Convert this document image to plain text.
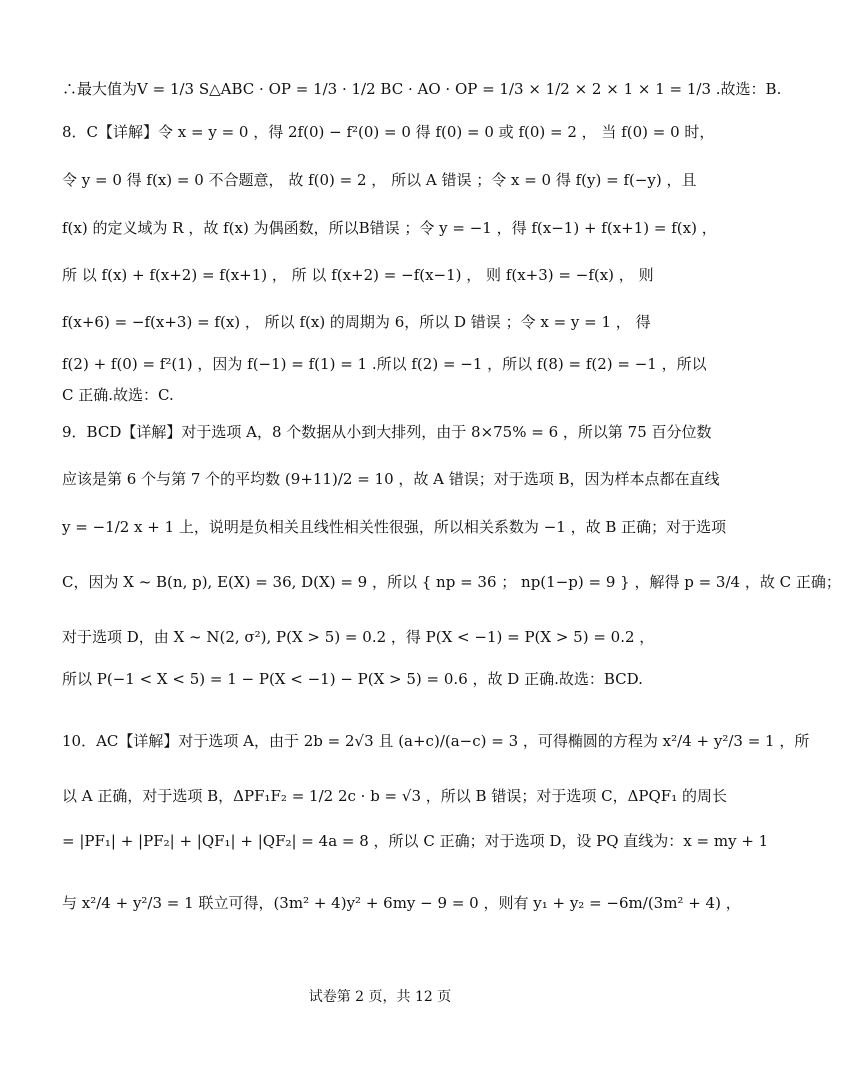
∴最大值为V = 1/3 S△ABC · OP = 1/3 · 1/2 BC · AO · OP = 1/3 × 1/2 × 2 × 1 × 1 = 1/3 .故选：B.
8．C【详解】令 x = y = 0 ，得 2f(0) − f²(0) = 0 得 f(0) = 0 或 f(0) = 2 ， 当 f(0) = 0 时，
令 y = 0 得 f(x) = 0 不合题意， 故 f(0) = 2 ， 所以 A 错误 ；令 x = 0 得 f(y) = f(−y) ，且
f(x) 的定义域为 R ，故 f(x) 为偶函数，所以B错误 ；令 y = −1 ，得 f(x−1) + f(x+1) = f(x) ，
所 以 f(x) + f(x+2) = f(x+1) ， 所 以 f(x+2) = −f(x−1) ， 则 f(x+3) = −f(x) ， 则
f(x+6) = −f(x+3) = f(x) ， 所以 f(x) 的周期为 6，所以 D 错误 ；令 x = y = 1 ， 得
f(2) + f(0) = f²(1) ，因为 f(−1) = f(1) = 1 .所以 f(2) = −1 ，所以 f(8) = f(2) = −1 ，所以
C 正确.故选：C.
9．BCD【详解】对于选项 A，8 个数据从小到大排列，由于 8×75% = 6 ，所以第 75 百分位数
应该是第 6 个与第 7 个的平均数 (9+11)/2 = 10 ，故 A 错误；对于选项 B，因为样本点都在直线
y = −1/2 x + 1 上，说明是负相关且线性相关性很强，所以相关系数为 −1 ，故 B 正确；对于选项
C，因为 X ~ B(n, p), E(X) = 36, D(X) = 9 ，所以 { np = 36 ； np(1−p) = 9 } ，解得 p = 3/4 ，故 C 正确；
对于选项 D，由 X ~ N(2, σ²), P(X > 5) = 0.2 ，得 P(X < −1) = P(X > 5) = 0.2 ，
所以 P(−1 < X < 5) = 1 − P(X < −1) − P(X > 5) = 0.6 ，故 D 正确.故选：BCD.
10．AC【详解】对于选项 A，由于 2b = 2√3 且 (a+c)/(a−c) = 3 ，可得椭圆的方程为 x²/4 + y²/3 = 1 ，所
以 A 正确，对于选项 B，ΔPF₁F₂ = 1/2 2c · b = √3 ，所以 B 错误；对于选项 C，ΔPQF₁ 的周长
= |PF₁| + |PF₂| + |QF₁| + |QF₂| = 4a = 8 ，所以 C 正确；对于选项 D，设 PQ 直线为：x = my + 1
与 x²/4 + y²/3 = 1 联立可得，(3m² + 4)y² + 6my − 9 = 0 ，则有 y₁ + y₂ = −6m/(3m² + 4) ，
试卷第 2 页，共 12 页
